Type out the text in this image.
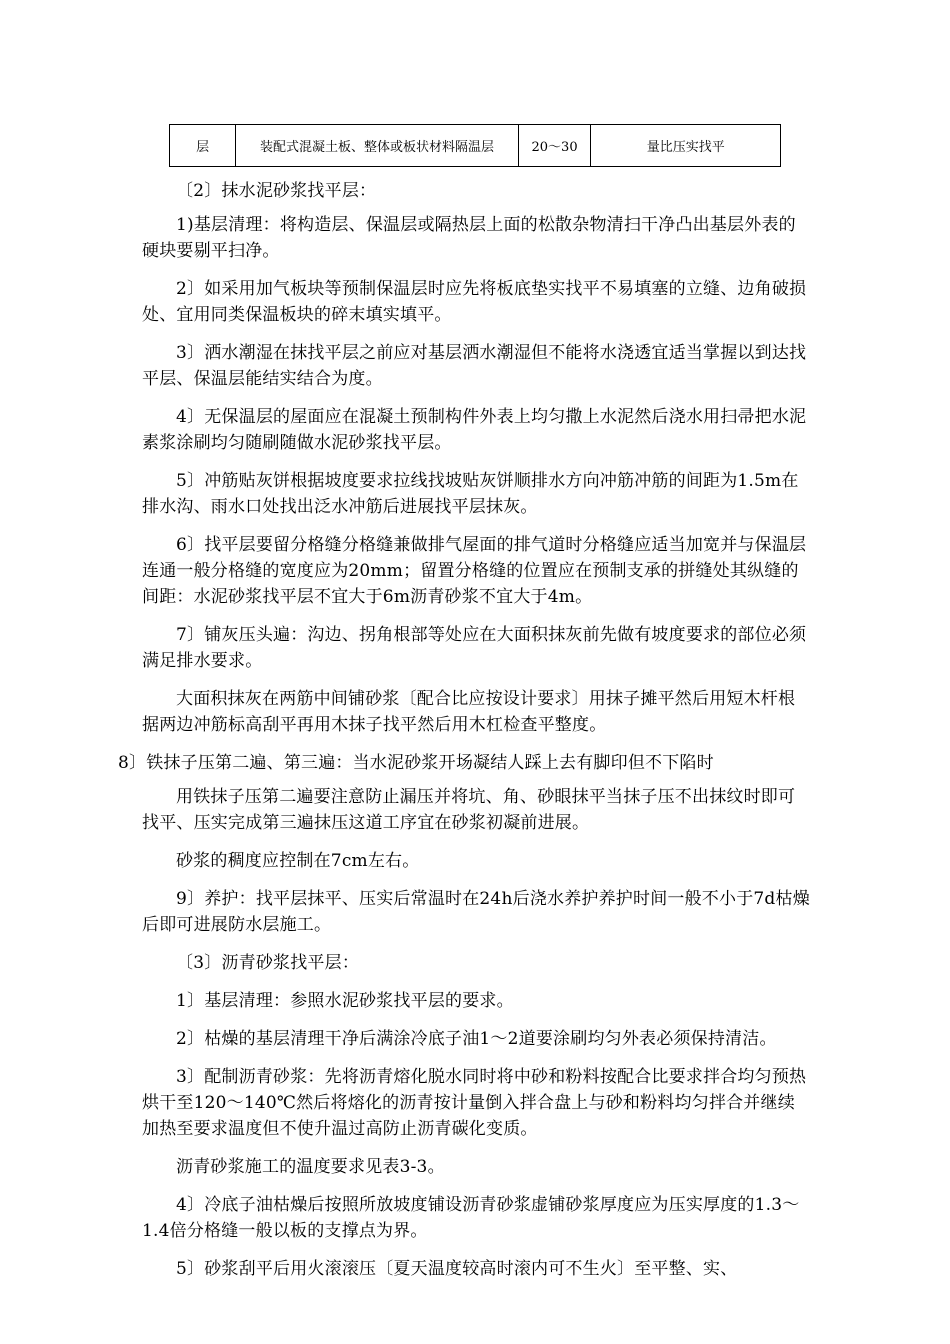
层	装配式混凝土板、整体或板状材料隔温层	20～30	量比压实找平

〔2〕抹水泥砂浆找平层：

1)基层清理：将构造层、保温层或隔热层上面的松散杂物清扫干净凸出基层外表的硬块要剔平扫净。

2〕如采用加气板块等预制保温层时应先将板底垫实找平不易填塞的立缝、边角破损处、宜用同类保温板块的碎末填实填平。

3〕洒水潮湿在抹找平层之前应对基层洒水潮湿但不能将水浇透宜适当掌握以到达找平层、保温层能结实结合为度。

4〕无保温层的屋面应在混凝土预制构件外表上均匀撒上水泥然后浇水用扫帚把水泥素浆涂刷均匀随刷随做水泥砂浆找平层。

5〕冲筋贴灰饼根据坡度要求拉线找坡贴灰饼顺排水方向冲筋冲筋的间距为1.5m在排水沟、雨水口处找出泛水冲筋后进展找平层抹灰。

6〕找平层要留分格缝分格缝兼做排气屋面的排气道时分格缝应适当加宽并与保温层连通一般分格缝的宽度应为20mm；留置分格缝的位置应在预制支承的拼缝处其纵缝的间距：水泥砂浆找平层不宜大于6m沥青砂浆不宜大于4m。

7〕铺灰压头遍：沟边、拐角根部等处应在大面积抹灰前先做有坡度要求的部位必须满足排水要求。

大面积抹灰在两筋中间铺砂浆〔配合比应按设计要求〕用抹子摊平然后用短木杆根据两边冲筋标高刮平再用木抹子找平然后用木杠检查平整度。

8〕铁抹子压第二遍、第三遍：当水泥砂浆开场凝结人踩上去有脚印但不下陷时

用铁抹子压第二遍要注意防止漏压并将坑、角、砂眼抹平当抹子压不出抹纹时即可找平、压实完成第三遍抹压这道工序宜在砂浆初凝前进展。

砂浆的稠度应控制在7cm左右。

9〕养护：找平层抹平、压实后常温时在24h后浇水养护养护时间一般不小于7d枯燥后即可进展防水层施工。

〔3〕沥青砂浆找平层：

1〕基层清理：参照水泥砂浆找平层的要求。

2〕枯燥的基层清理干净后满涂冷底子油1～2道要涂刷均匀外表必须保持清洁。

3〕配制沥青砂浆：先将沥青熔化脱水同时将中砂和粉料按配合比要求拌合均匀预热烘干至120～140℃然后将熔化的沥青按计量倒入拌合盘上与砂和粉料均匀拌合并继续加热至要求温度但不使升温过高防止沥青碳化变质。

沥青砂浆施工的温度要求见表3-3。

4〕冷底子油枯燥后按照所放坡度铺设沥青砂浆虚铺砂浆厚度应为压实厚度的1.3～1.4倍分格缝一般以板的支撑点为界。

5〕砂浆刮平后用火滚滚压〔夏天温度较高时滚内可不生火〕至平整、实、
